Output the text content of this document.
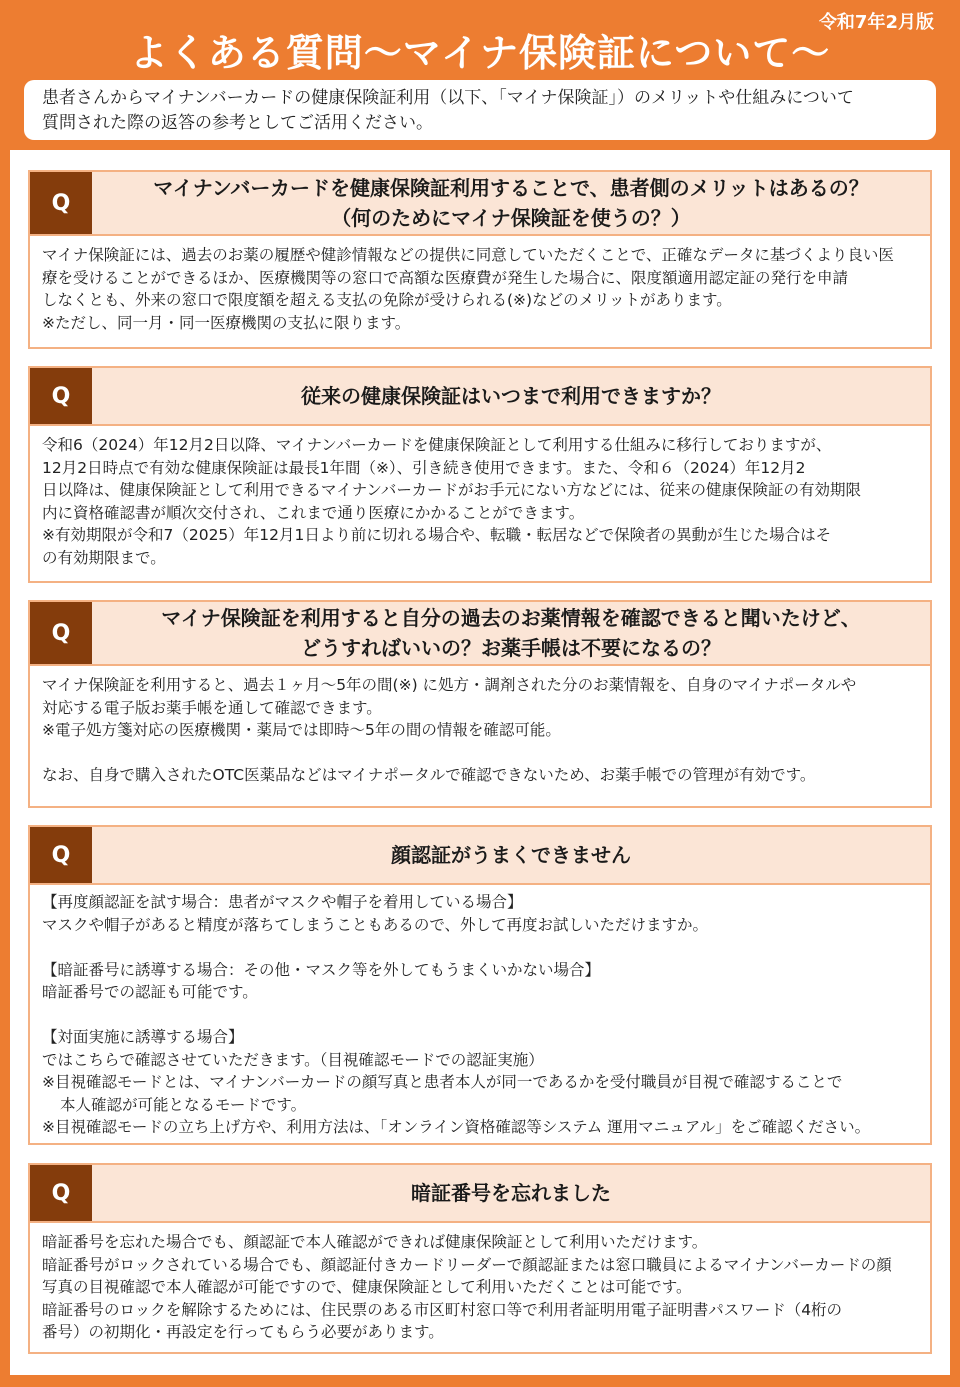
令和7年2月版
よくある質問～マイナ保険証について～

患者さんからマイナンバーカードの健康保険証利用（以下、「マイナ保険証」）のメリットや仕組みについて

質問された際の返答の参考としてご活用ください。

Q
マイナンバーカードを健康保険証利用することで、患者側のメリットはあるの？
（何のためにマイナ保険証を使うの？）

マイナ保険証には、過去のお薬の履歴や健診情報などの提供に同意していただくことで、正確なデータに基づくより良い医

療を受けることができるほか、医療機関等の窓口で高額な医療費が発生した場合に、限度額適用認定証の発行を申請

しなくとも、外来の窓口で限度額を超える支払の免除が受けられる(※)などのメリットがあります。

※ただし、同一月・同一医療機関の支払に限ります。

Q	従来の健康保険証はいつまで利用できますか？

令和6（2024）年12月2日以降、マイナンバーカードを健康保険証として利用する仕組みに移行しておりますが、

12月2日時点で有効な健康保険証は最長1年間（※）、引き続き使用できます。また、令和６（2024）年12月2

日以降は、健康保険証として利用できるマイナンバーカードがお手元にない方などには、従来の健康保険証の有効期限

内に資格確認書が順次交付され、これまで通り医療にかかることができます。

※有効期限が令和7（2025）年12月1日より前に切れる場合や、転職・転居などで保険者の異動が生じた場合はそ

の有効期限まで。

Q
マイナ保険証を利用すると自分の過去のお薬情報を確認できると聞いたけど、
どうすればいいの？お薬手帳は不要になるの？

マイナ保険証を利用すると、過去１ヶ月～5年の間(※) に処方・調剤された分のお薬情報を、自身のマイナポータルや

対応する電子版お薬手帳を通して確認できます。

※電子処方箋対応の医療機関・薬局では即時～5年の間の情報を確認可能。

なお、自身で購入されたOTC医薬品などはマイナポータルで確認できないため、お薬手帳での管理が有効です。

Q	顔認証がうまくできません

【再度顔認証を試す場合：患者がマスクや帽子を着用している場合】

マスクや帽子があると精度が落ちてしまうこともあるので、外して再度お試しいただけますか。

【暗証番号に誘導する場合：その他・マスク等を外してもうまくいかない場合】

暗証番号での認証も可能です。

【対面実施に誘導する場合】

ではこちらで確認させていただきます。（目視確認モードでの認証実施）

※目視確認モードとは、マイナンバーカードの顔写真と患者本人が同一であるかを受付職員が目視で確認することで

本人確認が可能となるモードです。

※目視確認モードの立ち上げ方や、利用方法は、「オンライン資格確認等システム 運用マニュアル」をご確認ください。

Q	暗証番号を忘れました

暗証番号を忘れた場合でも、顔認証で本人確認ができれば健康保険証として利用いただけます。

暗証番号がロックされている場合でも、顔認証付きカードリーダーで顔認証または窓口職員によるマイナンバーカードの顔

写真の目視確認で本人確認が可能ですので、健康保険証として利用いただくことは可能です。

暗証番号のロックを解除するためには、住民票のある市区町村窓口等で利用者証明用電子証明書パスワード（4桁の

番号）の初期化・再設定を行ってもらう必要があります。
